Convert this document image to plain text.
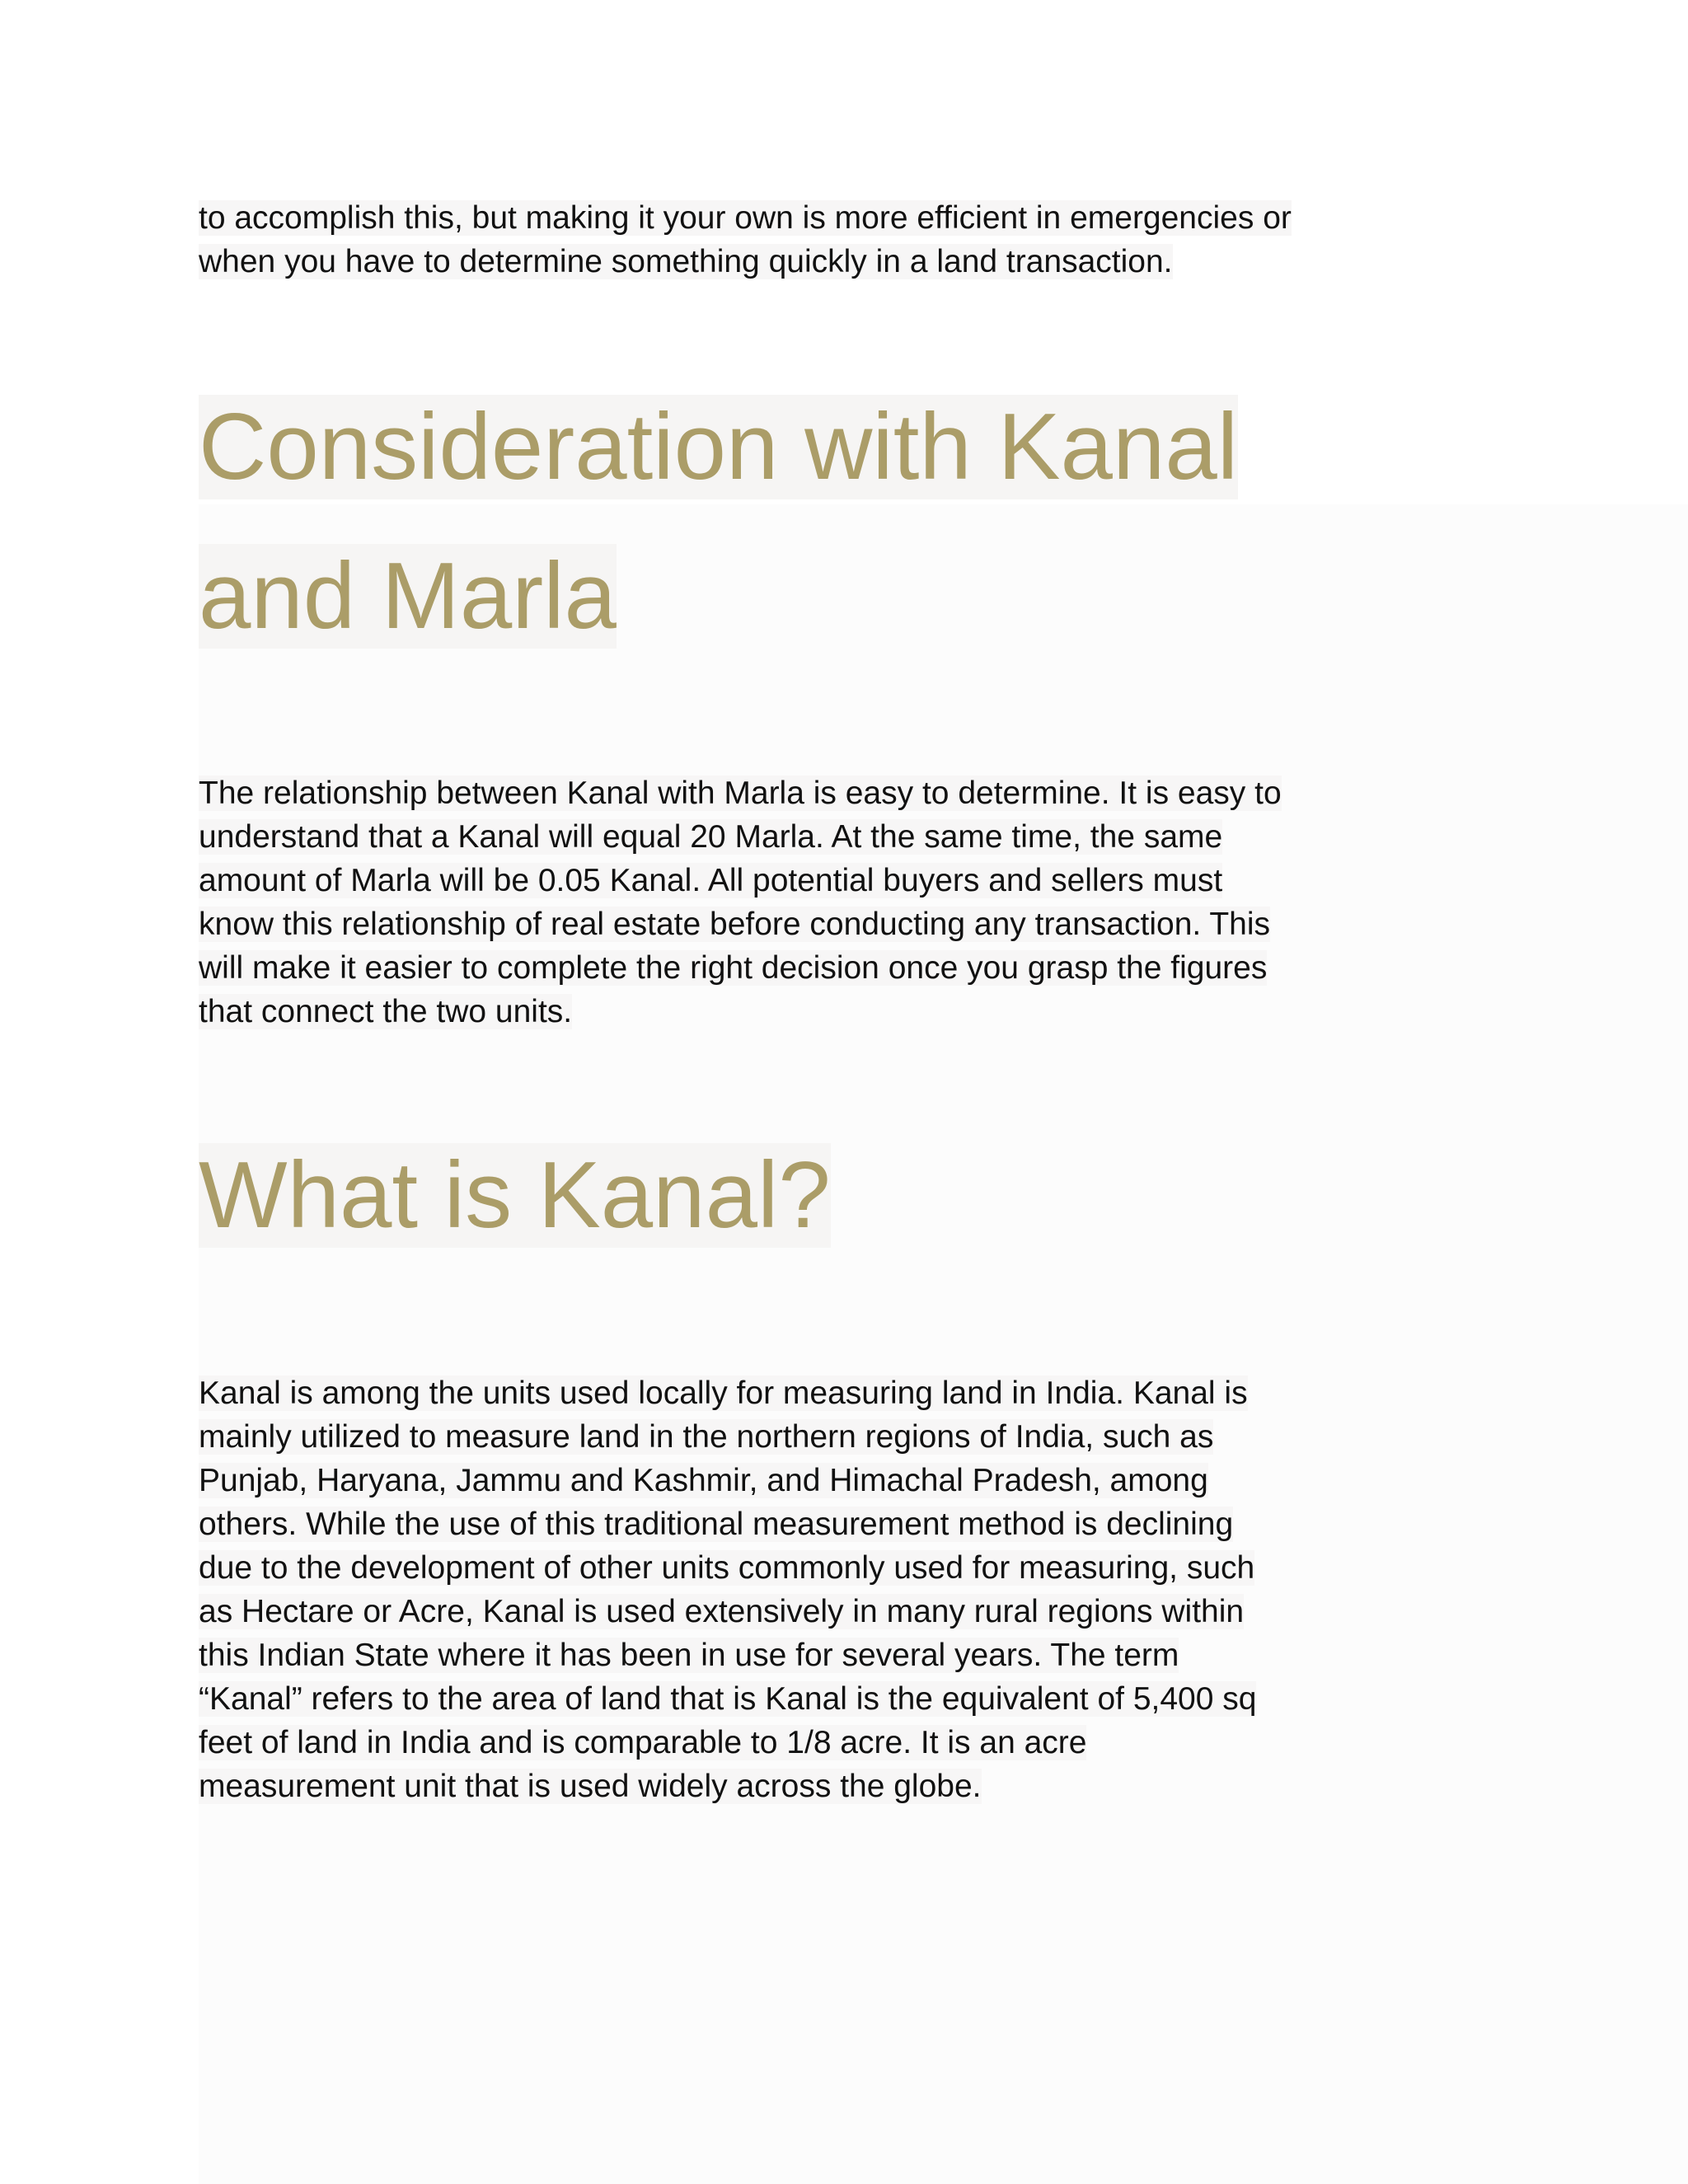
to accomplish this, but making it your own is more efficient in emergencies or
when you have to determine something quickly in a land transaction.

Consideration with Kanal
and Marla

The relationship between Kanal with Marla is easy to determine. It is easy to
understand that a Kanal will equal 20 Marla. At the same time, the same
amount of Marla will be 0.05 Kanal. All potential buyers and sellers must
know this relationship of real estate before conducting any transaction. This
will make it easier to complete the right decision once you grasp the figures
that connect the two units.

What is Kanal?

Kanal is among the units used locally for measuring land in India. Kanal is
mainly utilized to measure land in the northern regions of India, such as
Punjab, Haryana, Jammu and Kashmir, and Himachal Pradesh, among
others. While the use of this traditional measurement method is declining
due to the development of other units commonly used for measuring, such
as Hectare or Acre, Kanal is used extensively in many rural regions within
this Indian State where it has been in use for several years. The term
“Kanal” refers to the area of land that is Kanal is the equivalent of 5,400 sq
feet of land in India and is comparable to 1/8 acre. It is an acre
measurement unit that is used widely across the globe.
